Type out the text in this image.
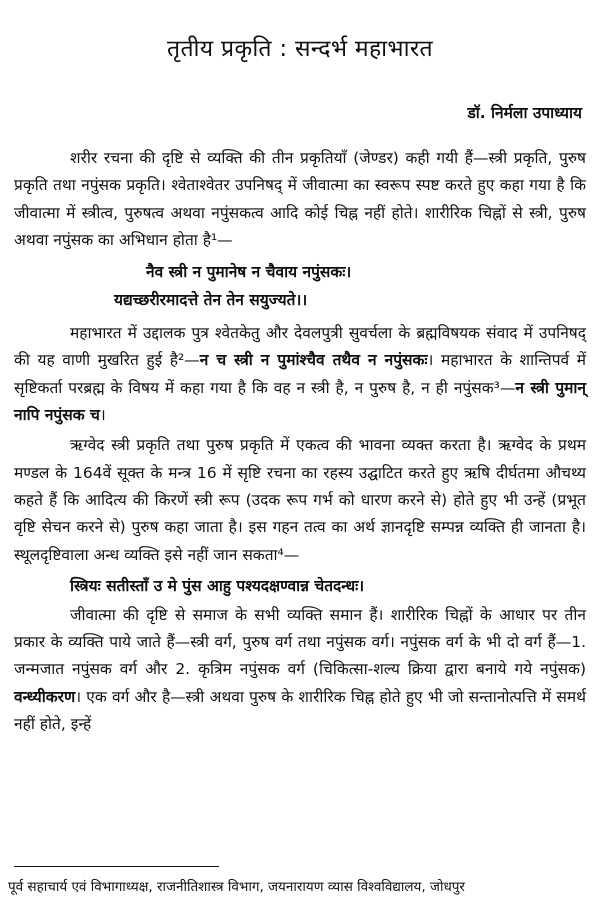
तृतीय प्रकृति : सन्दर्भ महाभारत
डॉ. निर्मला उपाध्याय

शरीर रचना की दृष्टि से व्यक्ति की तीन प्रकृतियाँ (जेण्डर) कही गयी हैं—स्त्री प्रकृति, पुरुष प्रकृति तथा नपुंसक प्रकृति। श्वेताश्वेतर उपनिषद् में जीवात्मा का स्वरूप स्पष्ट करते हुए कहा गया है कि जीवात्मा में स्त्रीत्व, पुरुषत्व अथवा नपुंसकत्व आदि कोई चिह्न नहीं होते। शारीरिक चिह्नों से स्त्री, पुरुष अथवा नपुंसक का अभिधान होता है¹—

नैव स्त्री न पुमानेष न चैवाय नपुंसकः।

यद्यच्छरीरमादत्ते तेन तेन सयुज्यते।।

महाभारत में उद्दालक पुत्र श्वेतकेतु और देवलपुत्री सुवर्चला के ब्रह्मविषयक संवाद में उपनिषद् की यह वाणी मुखरित हुई है²—न च स्त्री न पुमांश्चैव तथैव न नपुंसकः। महाभारत के शान्तिपर्व में सृष्टिकर्ता परब्रह्म के विषय में कहा गया है कि वह न स्त्री है, न पुरुष है, न ही नपुंसक³—न स्त्री पुमान् नापि नपुंसक च।

ऋग्वेद स्त्री प्रकृति तथा पुरुष प्रकृति में एकत्व की भावना व्यक्त करता है। ऋग्वेद के प्रथम मण्डल के 164वें सूक्त के मन्त्र 16 में सृष्टि रचना का रहस्य उद्घाटित करते हुए ऋषि दीर्घतमा औचथ्य कहते हैं कि आदित्य की किरणें स्त्री रूप (उदक रूप गर्भ को धारण करने से) होते हुए भी उन्हें (प्रभूत वृष्टि सेचन करने से) पुरुष कहा जाता है। इस गहन तत्व का अर्थ ज्ञानदृष्टि सम्पन्न व्यक्ति ही जानता है। स्थूलदृष्टिवाला अन्ध व्यक्ति इसे नहीं जान सकता⁴—

स्त्रियः सतीस्ताँ उ मे पुंस आहु पश्यदक्षण्वान्न चेतदन्धः।

जीवात्मा की दृष्टि से समाज के सभी व्यक्ति समान हैं। शारीरिक चिह्नों के आधार पर तीन प्रकार के व्यक्ति पाये जाते हैं—स्त्री वर्ग, पुरुष वर्ग तथा नपुंसक वर्ग। नपुंसक वर्ग के भी दो वर्ग हैं—1. जन्मजात नपुंसक वर्ग और 2. कृत्रिम नपुंसक वर्ग (चिकित्सा-शल्य क्रिया द्वारा बनाये गये नपुंसक) वन्ध्यीकरण। एक वर्ग और है—स्त्री अथवा पुरुष के शारीरिक चिह्न होते हुए भी जो सन्तानोत्पत्ति में समर्थ नहीं होते, इन्हें

पूर्व सहाचार्य एवं विभागाध्यक्ष, राजनीतिशास्त्र विभाग, जयनारायण व्यास विश्वविद्यालय, जोधपुर
